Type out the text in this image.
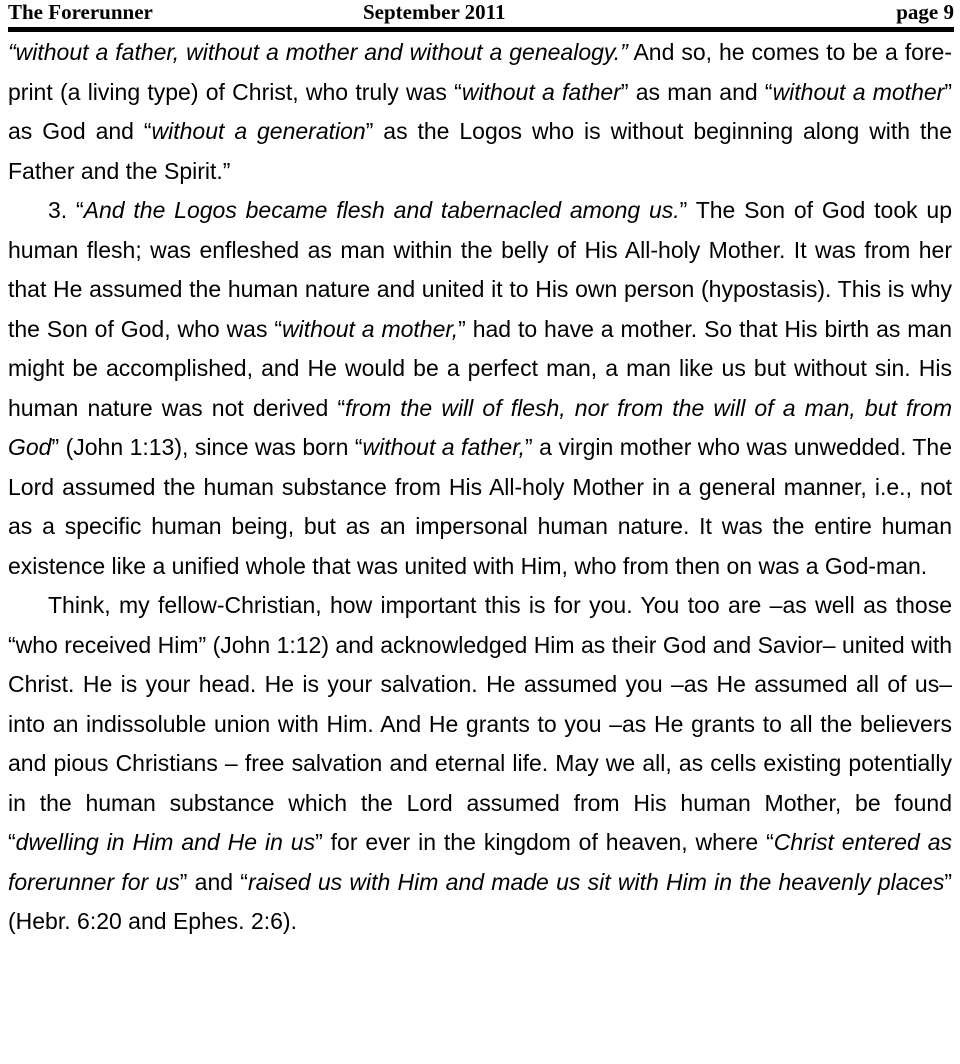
The Forerunner	September 2011	page 9

“without a father, without a mother and without a genealogy.” And so, he comes to be a fore-print (a living type) of Christ, who truly was “without a father” as man and “without a mother” as God and “without a generation” as the Logos who is without beginning along with the Father and the Spirit.”

3. “And the Logos became flesh and tabernacled among us.” The Son of God took up human flesh; was enfleshed as man within the belly of His All-holy Mother. It was from her that He assumed the human nature and united it to His own person (hypostasis). This is why the Son of God, who was “without a mother,” had to have a mother. So that His birth as man might be accomplished, and He would be a perfect man, a man like us but without sin. His human nature was not derived “from the will of flesh, nor from the will of a man, but from God” (John 1:13), since was born “without a father,” a virgin mother who was unwedded. The Lord assumed the human substance from His All-holy Mother in a general manner, i.e., not as a specific human being, but as an impersonal human nature. It was the entire human existence like a unified whole that was united with Him, who from then on was a God-man.

Think, my fellow-Christian, how important this is for you. You too are –as well as those “who received Him” (John 1:12) and acknowledged Him as their God and Savior– united with Christ. He is your head. He is your salvation. He assumed you –as He assumed all of us– into an indissoluble union with Him. And He grants to you –as He grants to all the believers and pious Christians – free salvation and eternal life. May we all, as cells existing potentially in the human substance which the Lord assumed from His human Mother, be found “dwelling in Him and He in us” for ever in the kingdom of heaven, where “Christ entered as forerunner for us” and “raised us with Him and made us sit with Him in the heavenly places” (Hebr. 6:20 and Ephes. 2:6).
